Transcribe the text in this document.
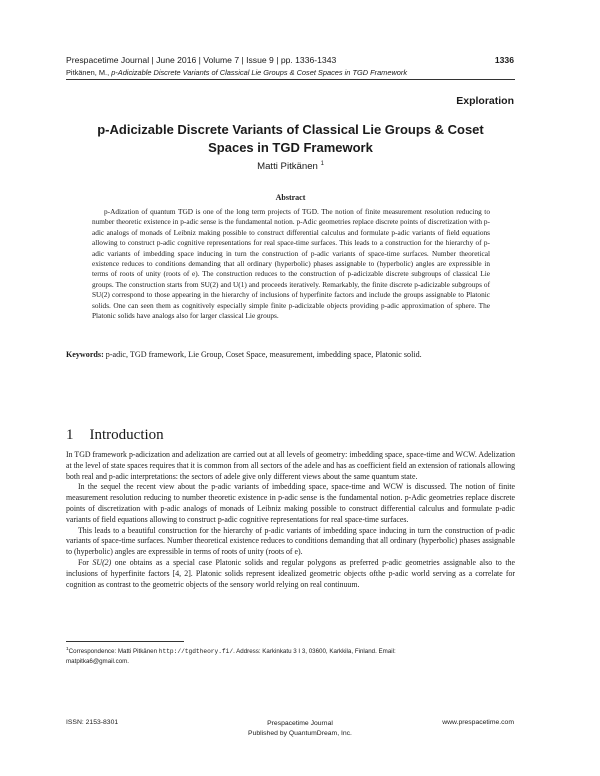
Prespacetime Journal | June 2016 | Volume 7 | Issue 9 | pp. 1336-1343	1336
Pitkänen, M., p-Adicizable Discrete Variants of Classical Lie Groups & Coset Spaces in TGD Framework
Exploration
p-Adicizable Discrete Variants of Classical Lie Groups & Coset
Spaces in TGD Framework
Matti Pitkänen $^1$
Abstract

p-Adization of quantum TGD is one of the long term projects of TGD. The notion of finite measurement resolution reducing to number theoretic existence in p-adic sense is the fundamental notion. p-Adic geometries replace discrete points of discretization with p-adic analogs of monads of Leibniz making possible to construct differential calculus and formulate p-adic variants of field equations allowing to construct p-adic cognitive representations for real space-time surfaces. This leads to a construction for the hierarchy of p-adic variants of imbedding space inducing in turn the construction of p-adic variants of space-time surfaces. Number theoretical existence reduces to conditions demanding that all ordinary (hyperbolic) phases assignable to (hyperbolic) angles are expressible in terms of roots of unity (roots of e). The construction reduces to the construction of p-adicizable discrete subgroups of classical Lie groups. The construction starts from SU(2) and U(1) and proceeds iteratively. Remarkably, the finite discrete p-adicizable subgroups of SU(2) correspond to those appearing in the hierarchy of inclusions of hyperfinite factors and include the groups assignable to Platonic solids. One can seen them as cognitively especially simple finite p-adicizable objects providing p-adic approximation of sphere. The Platonic solids have analogs also for larger classical Lie groups.

Keywords: p-adic, TGD framework, Lie Group, Coset Space, measurement, imbedding space, Platonic solid.

1 Introduction

In TGD framework p-adicization and adelization are carried out at all levels of geometry: imbedding space, space-time and WCW. Adelization at the level of state spaces requires that it is common from all sectors of the adele and has as coefficient field an extension of rationals allowing both real and p-adic interpretations: the sectors of adele give only different views about the same quantum state.

In the sequel the recent view about the p-adic variants of imbedding space, space-time and WCW is discussed. The notion of finite measurement resolution reducing to number theoretic existence in p-adic sense is the fundamental notion. p-Adic geometries replace discrete points of discretization with p-adic analogs of monads of Leibniz making possible to construct differential calculus and formulate p-adic variants of field equations allowing to construct p-adic cognitive representations for real space-time surfaces.

This leads to a beautiful construction for the hierarchy of p-adic variants of imbedding space inducing in turn the construction of p-adic variants of space-time surfaces. Number theoretical existence reduces to conditions demanding that all ordinary (hyperbolic) phases assignable to (hyperbolic) angles are expressible in terms of roots of unity (roots of e).

For SU(2) one obtains as a special case Platonic solids and regular polygons as preferred p-adic geometries assignable also to the inclusions of hyperfinite factors [4, 2]. Platonic solids represent idealized geometric objects ofthe p-adic world serving as a correlate for cognition as contrast to the geometric objects of the sensory world relying on real continuum.

$^1$Correspondence: Matti Pitkänen http://tgdtheory.fi/. Address: Karkinkatu 3 I 3, 03600, Karkkila, Finland. Email:
matpitka6@gmail.com.

ISSN: 2153-8301	Prespacetime Journal
Published by QuantumDream, Inc.
www.prespacetime.com
